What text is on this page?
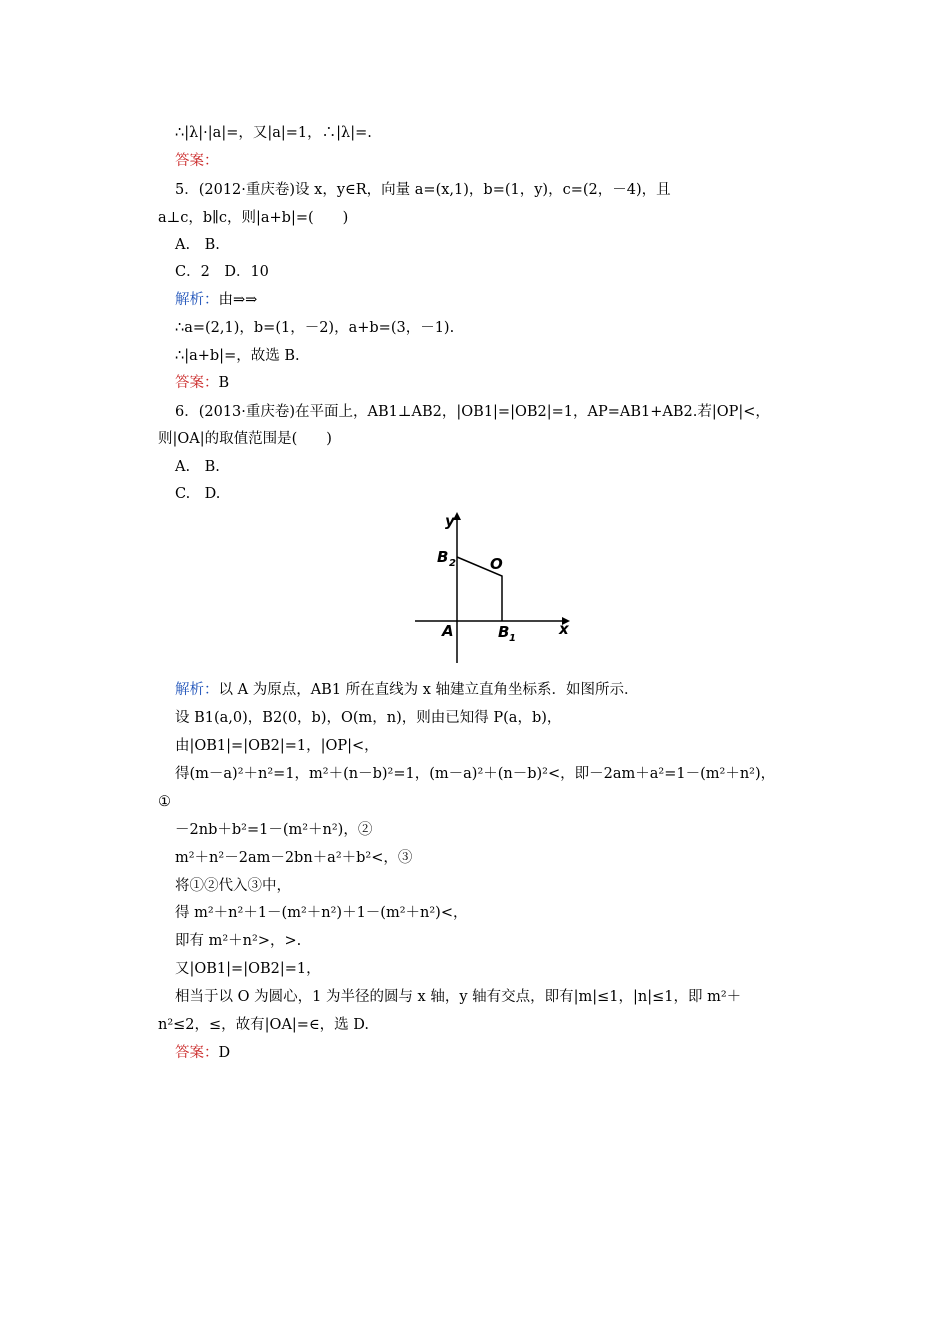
∴|λ|·|a|=，又|a|=1，∴|λ|=.
答案：
5．(2012·重庆卷)设 x，y∈R，向量 a=(x,1)，b=(1，y)，c=(2，－4)，且
a⊥c，b∥c，则|a+b|=(　　)
A.　B.
C．2　D．10
解析：由⇒⇒
∴a=(2,1)，b=(1，－2)，a+b=(3，－1).
∴|a+b|=，故选 B.
答案：B
6．(2013·重庆卷)在平面上，AB1⊥AB2，|OB1|=|OB2|=1，AP=AB1+AB2.若|OP|<，
则|OA|的取值范围是(　　)
A.　B.
C.　D.
y
x
B 2 O
A	B 1
解析：以 A 为原点，AB1 所在直线为 x 轴建立直角坐标系．如图所示．
设 B1(a,0)，B2(0，b)，O(m，n)，则由已知得 P(a，b)，
由|OB1|=|OB2|=1，|OP|<，
得(m－a)²＋n²=1，m²＋(n－b)²=1，(m－a)²＋(n－b)²<，即－2am＋a²=1－(m²＋n²)，
①
－2nb＋b²=1－(m²＋n²)，②
m²＋n²－2am－2bn＋a²＋b²<，③
将①②代入③中，
得 m²＋n²＋1－(m²＋n²)＋1－(m²＋n²)<，
即有 m²＋n²>，>.
又|OB1|=|OB2|=1，
相当于以 O 为圆心，1 为半径的圆与 x 轴，y 轴有交点，即有|m|≤1，|n|≤1，即 m²＋
n²≤2，≤，故有|OA|=∈，选 D.
答案：D
